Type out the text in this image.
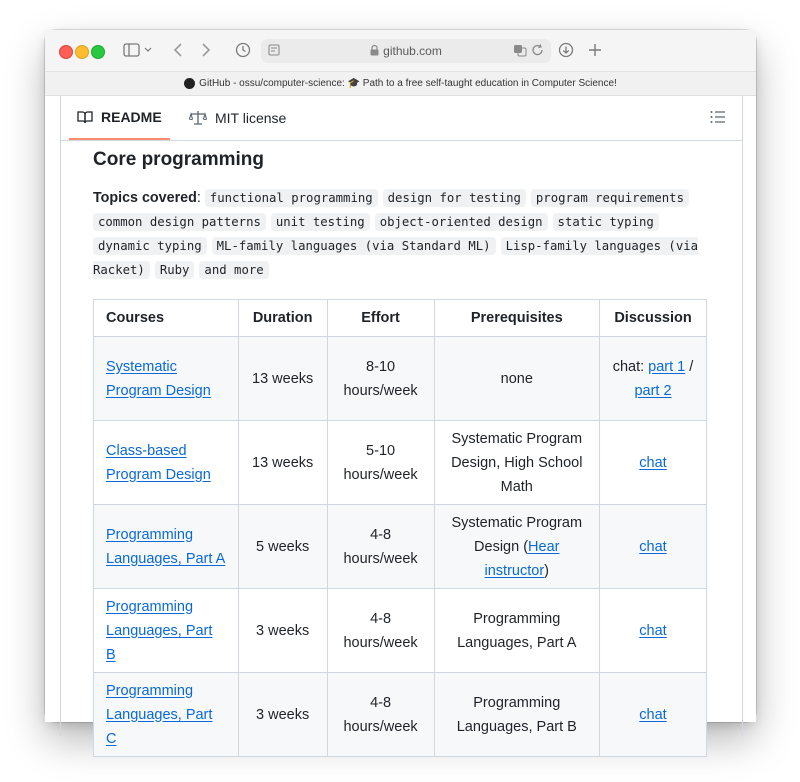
github.com
GitHub - ossu/computer-science: 🎓 Path to a free self-taught education in Computer Science!
README	MIT license
Core programming
Topics covered: functional programming design for testing program requirements common design patterns unit testing object-oriented design static typing dynamic typing ML-family languages (via Standard ML) Lisp-family languages (via Racket) Ruby and more
Courses	Duration	Effort	Prerequisites	Discussion
Systematic Program Design	13 weeks	8-10 hours/week	none	chat: part 1 / part 2
Class-based Program Design	13 weeks	5-10 hours/week	Systematic Program Design, High School Math	chat
Programming Languages, Part A	5 weeks	4-8 hours/week	Systematic Program Design (Hear instructor)	chat
Programming Languages, Part B	3 weeks	4-8 hours/week	Programming Languages, Part A	chat
Programming Languages, Part C	3 weeks	4-8 hours/week	Programming Languages, Part B	chat
